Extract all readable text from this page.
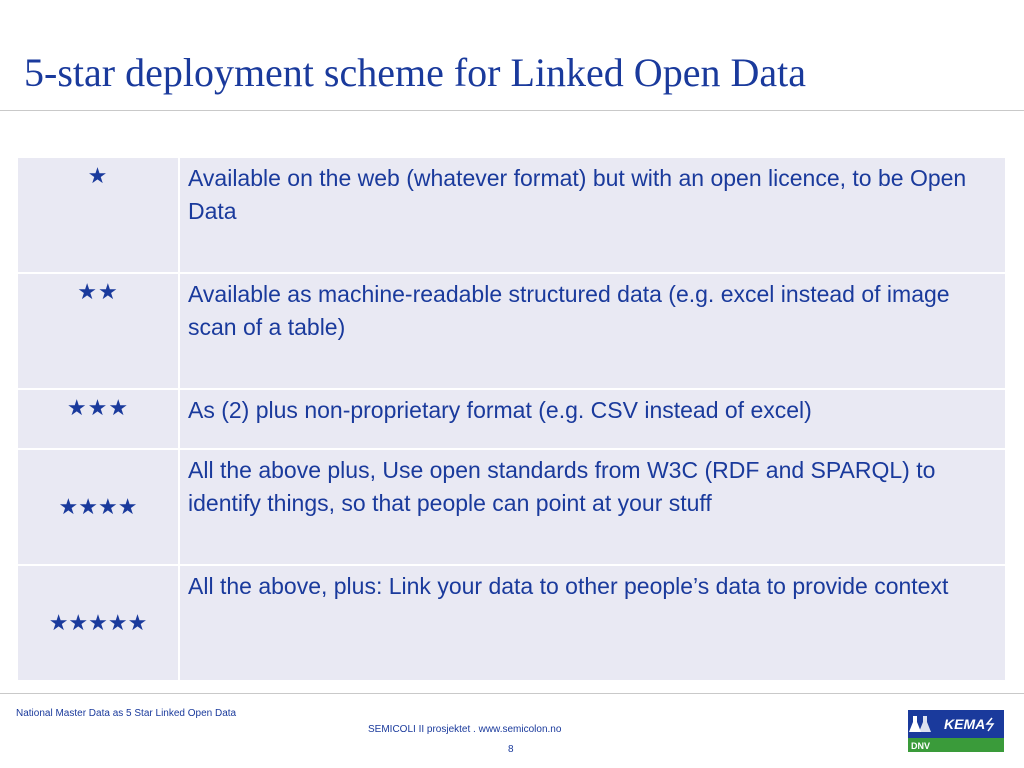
5-star deployment scheme for Linked Open Data
★	Available on the web (whatever format) but with an open licence, to be Open Data

★★	Available as machine-readable structured data (e.g. excel instead of image scan of a table)

★★★	As (2) plus non-proprietary format (e.g. CSV instead of excel)

★★★★	All the above plus, Use open standards from W3C (RDF and SPARQL) to identify things, so that people can point at your stuff

★★★★★	All the above, plus: Link your data to other people’s data to provide context
National Master Data as 5 Star Linked Open Data
SEMICOLI II prosjektet . www.semicolon.no
8
KEMA
DNV
